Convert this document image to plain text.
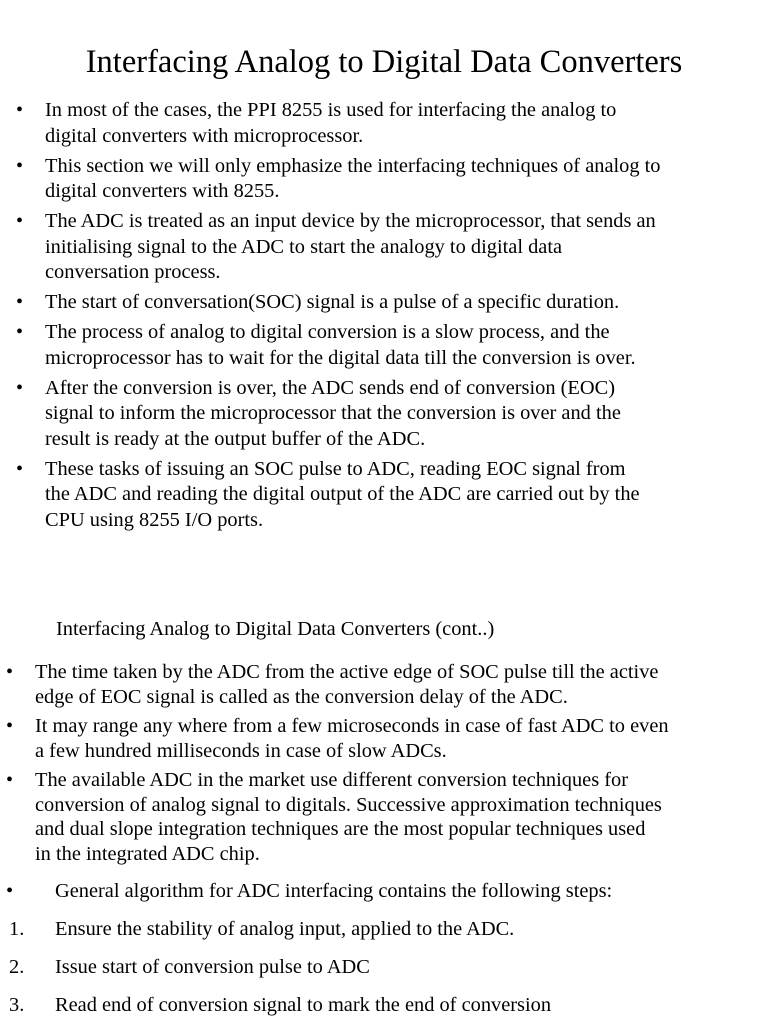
Interfacing Analog to Digital Data Converters
• In most of the cases, the PPI 8255 is used for interfacing the analog to
digital converters with microprocessor.
• This section we will only emphasize the interfacing techniques of analog to
digital converters with 8255.
• The ADC is treated as an input device by the microprocessor, that sends an
initialising signal to the ADC to start the analogy to digital data
conversation process.
• The start of conversation(SOC) signal is a pulse of a specific duration.
• The process of analog to digital conversion is a slow process, and the
microprocessor has to wait for the digital data till the conversion is over.
• After the conversion is over, the ADC sends end of conversion (EOC)
signal to inform the microprocessor that the conversion is over and the
result is ready at the output buffer of the ADC.
• These tasks of issuing an SOC pulse to ADC, reading EOC signal from
the ADC and reading the digital output of the ADC are carried out by the
CPU using 8255 I/O ports.
Interfacing Analog to Digital Data Converters (cont..)
• The time taken by the ADC from the active edge of SOC pulse till the active
edge of EOC signal is called as the conversion delay of the ADC.
• It may range any where from a few microseconds in case of fast ADC to even
a few hundred milliseconds in case of slow ADCs.
• The available ADC in the market use different conversion techniques for
conversion of analog signal to digitals. Successive approximation techniques
and dual slope integration techniques are the most popular techniques used
in the integrated ADC chip.
• General algorithm for ADC interfacing contains the following steps:
1. Ensure the stability of analog input, applied to the ADC.
2. Issue start of conversion pulse to ADC
3. Read end of conversion signal to mark the end of conversion
